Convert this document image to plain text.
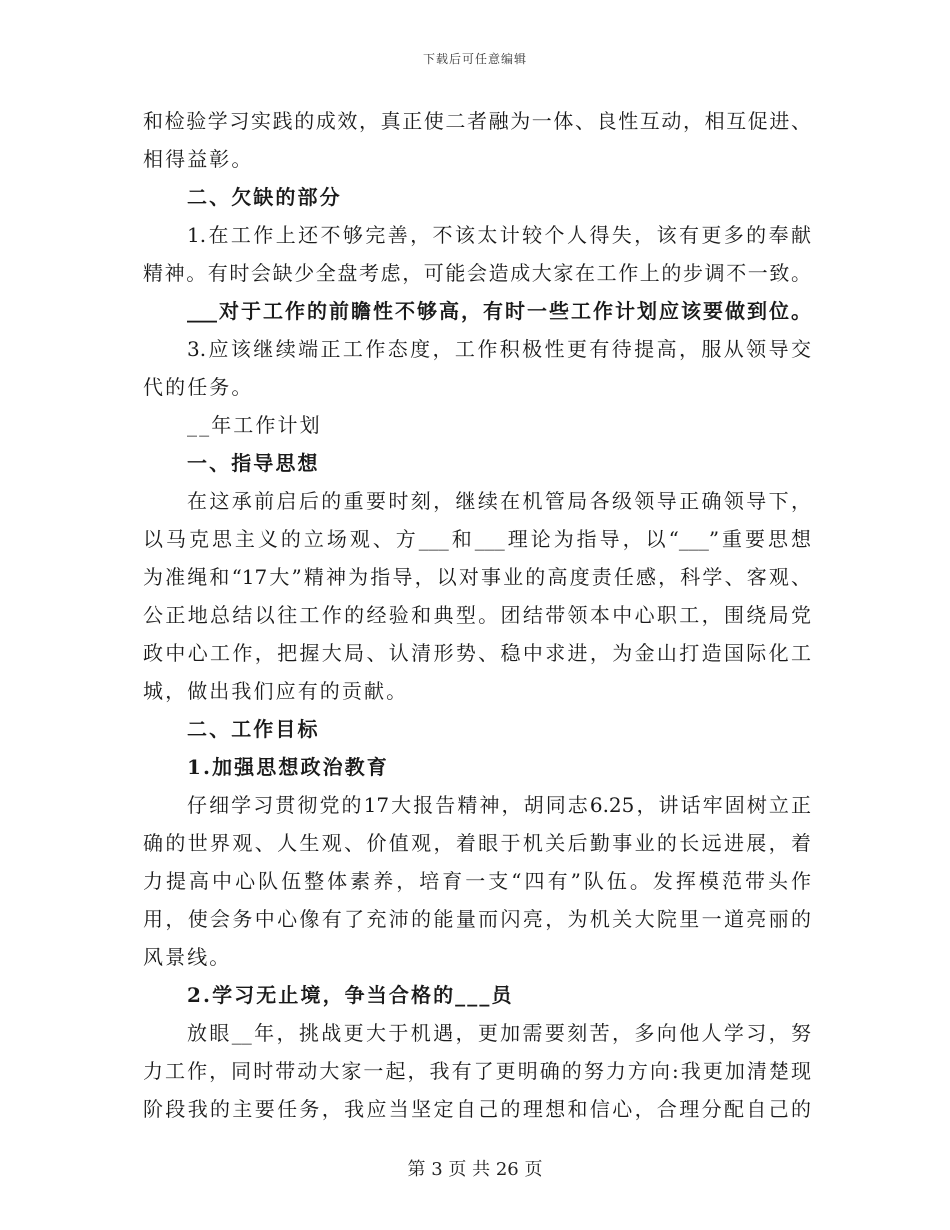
下载后可任意编辑
和检验学习实践的成效，真正使二者融为一体、良性互动，相互促进、
相得益彰。
二、欠缺的部分
1.在工作上还不够完善，不该太计较个人得失，该有更多的奉献
精神。有时会缺少全盘考虑，可能会造成大家在工作上的步调不一致。
___对于工作的前瞻性不够高，有时一些工作计划应该要做到位。
3.应该继续端正工作态度，工作积极性更有待提高，服从领导交
代的任务。
__年工作计划
一、指导思想
在这承前启后的重要时刻，继续在机管局各级领导正确领导下，
以马克思主义的立场观、方___和___理论为指导，以“___”重要思想
为准绳和“17大”精神为指导，以对事业的高度责任感，科学、客观、
公正地总结以往工作的经验和典型。团结带领本中心职工，围绕局党
政中心工作，把握大局、认清形势、稳中求进，为金山打造国际化工
城，做出我们应有的贡献。
二、工作目标
1.加强思想政治教育
仔细学习贯彻党的17大报告精神，胡同志6.25，讲话牢固树立正
确的世界观、人生观、价值观，着眼于机关后勤事业的长远进展，着
力提高中心队伍整体素养，培育一支“四有”队伍。发挥模范带头作
用，使会务中心像有了充沛的能量而闪亮，为机关大院里一道亮丽的
风景线。
2.学习无止境，争当合格的___员
放眼__年，挑战更大于机遇，更加需要刻苦，多向他人学习，努
力工作，同时带动大家一起，我有了更明确的努力方向:我更加清楚现
阶段我的主要任务，我应当坚定自己的理想和信心，合理分配自己的
第 3 页 共 26 页
